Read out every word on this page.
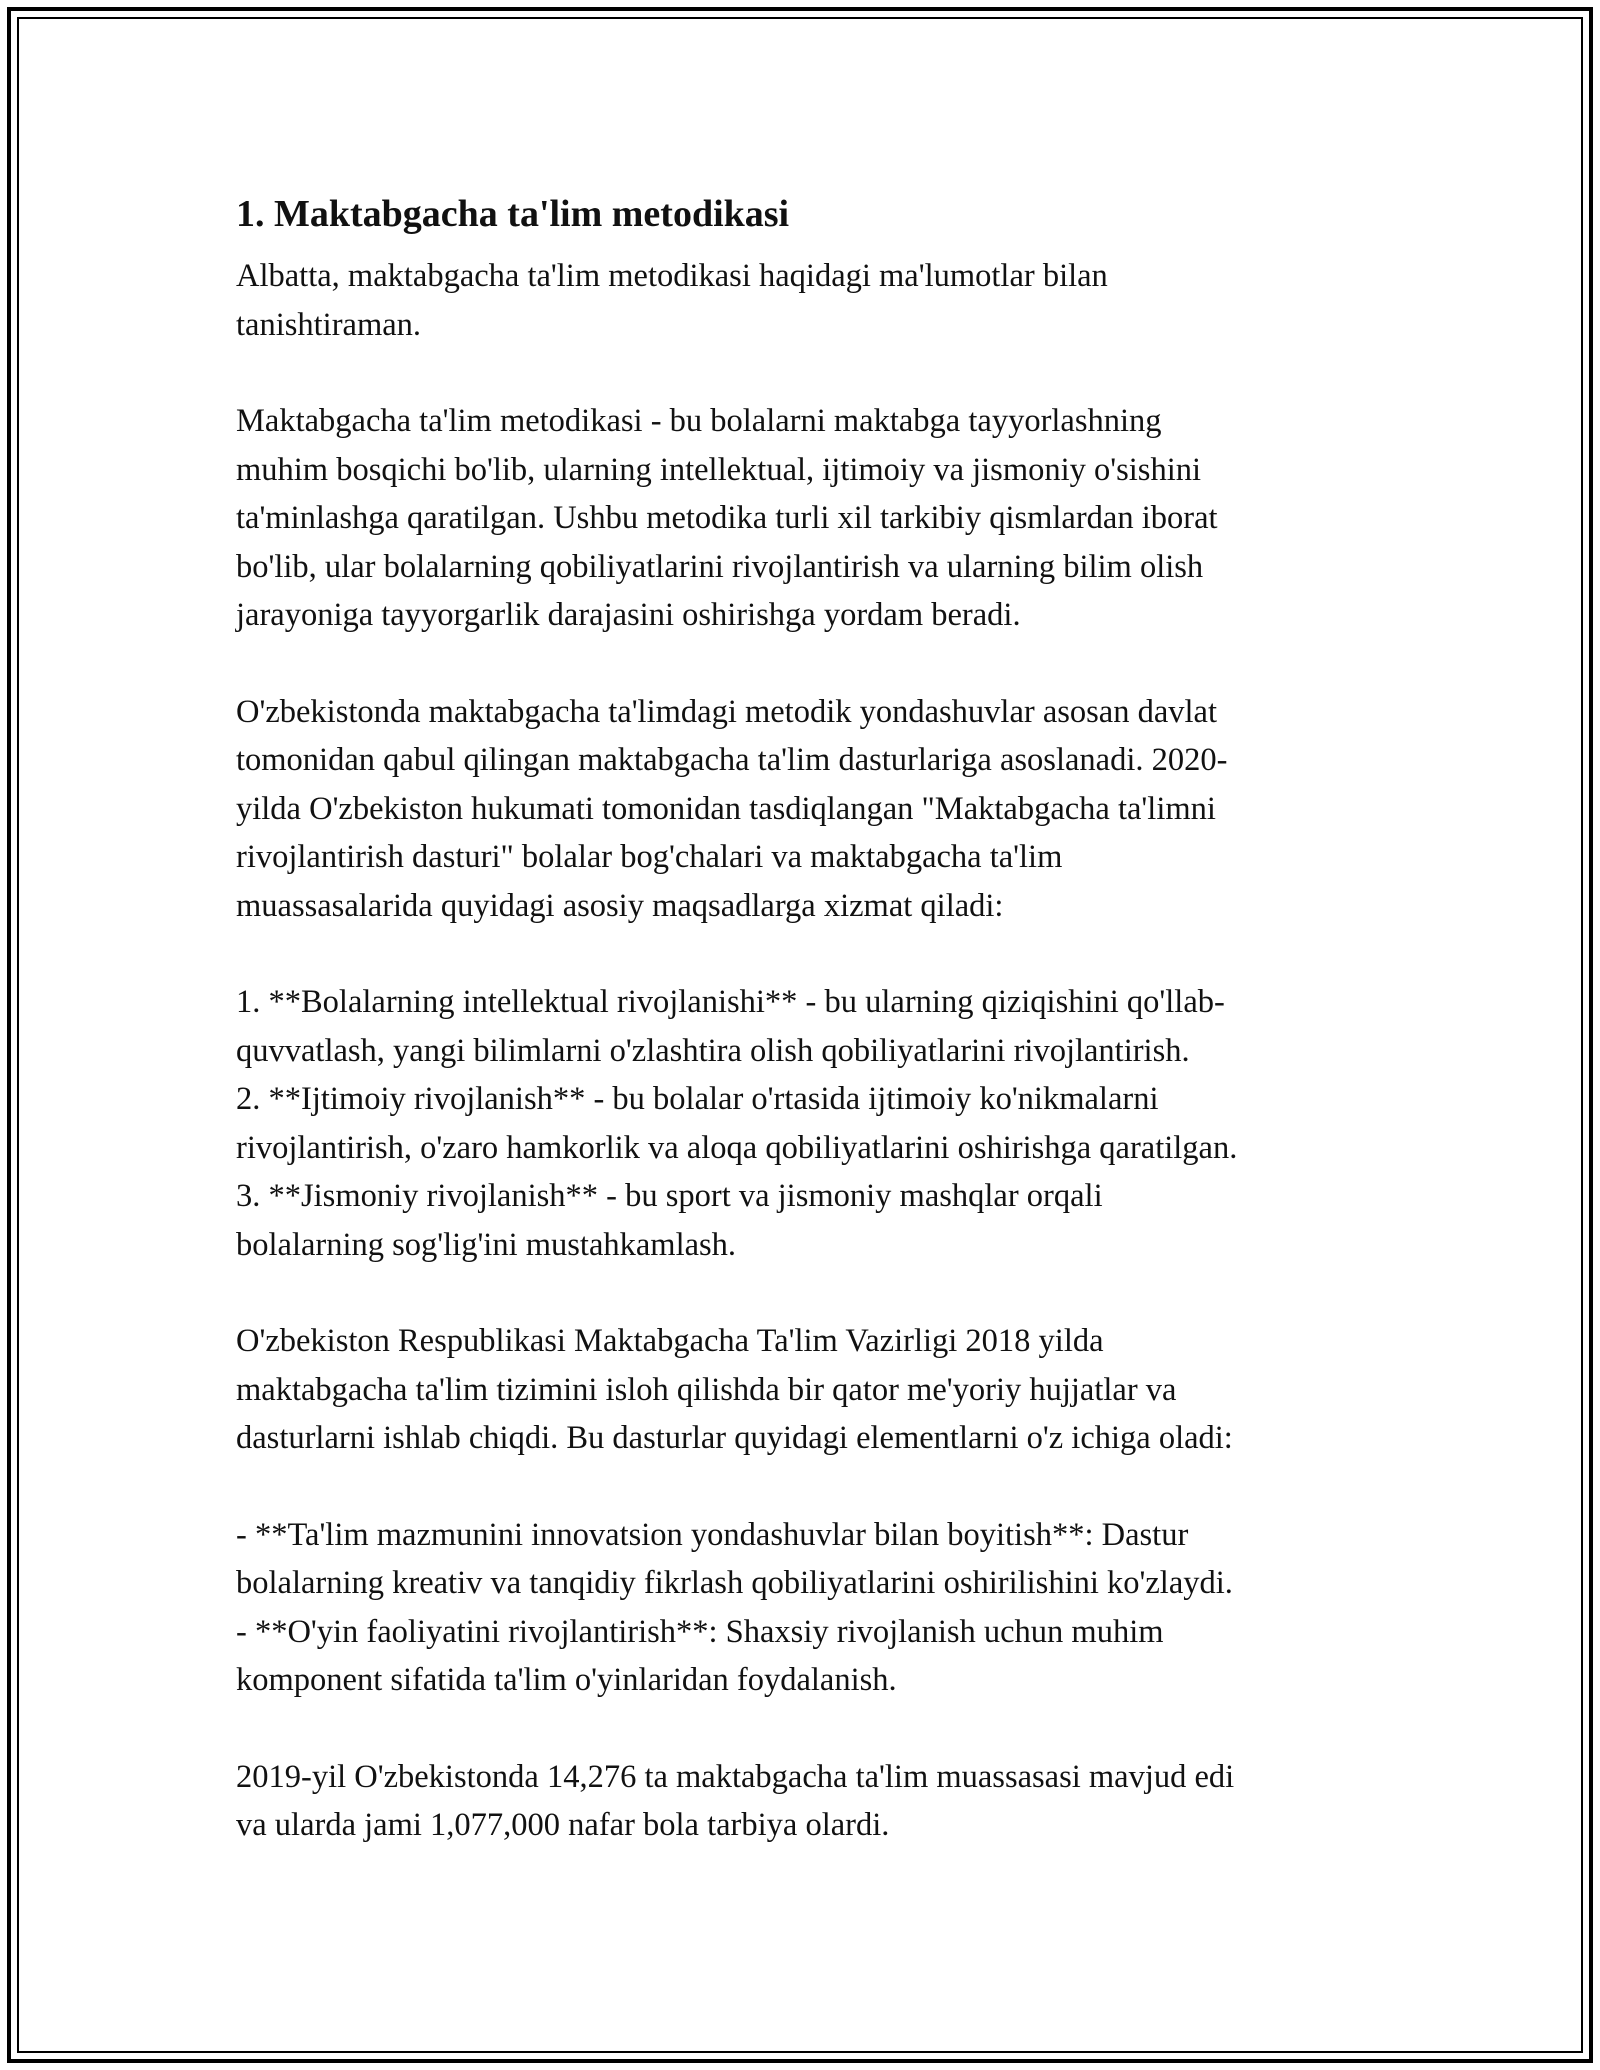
1. Maktabgacha ta'lim metodikasi

Albatta, maktabgacha ta'lim metodikasi haqidagi ma'lumotlar bilan
tanishtiraman.

Maktabgacha ta'lim metodikasi - bu bolalarni maktabga tayyorlashning
muhim bosqichi bo'lib, ularning intellektual, ijtimoiy va jismoniy o'sishini
ta'minlashga qaratilgan. Ushbu metodika turli xil tarkibiy qismlardan iborat
bo'lib, ular bolalarning qobiliyatlarini rivojlantirish va ularning bilim olish
jarayoniga tayyorgarlik darajasini oshirishga yordam beradi.

O'zbekistonda maktabgacha ta'limdagi metodik yondashuvlar asosan davlat
tomonidan qabul qilingan maktabgacha ta'lim dasturlariga asoslanadi. 2020-
yilda O'zbekiston hukumati tomonidan tasdiqlangan "Maktabgacha ta'limni
rivojlantirish dasturi" bolalar bog'chalari va maktabgacha ta'lim
muassasalarida quyidagi asosiy maqsadlarga xizmat qiladi:

1. **Bolalarning intellektual rivojlanishi** - bu ularning qiziqishini qo'llab-
quvvatlash, yangi bilimlarni o'zlashtira olish qobiliyatlarini rivojlantirish.
2. **Ijtimoiy rivojlanish** - bu bolalar o'rtasida ijtimoiy ko'nikmalarni
rivojlantirish, o'zaro hamkorlik va aloqa qobiliyatlarini oshirishga qaratilgan.
3. **Jismoniy rivojlanish** - bu sport va jismoniy mashqlar orqali
bolalarning sog'lig'ini mustahkamlash.

O'zbekiston Respublikasi Maktabgacha Ta'lim Vazirligi 2018 yilda
maktabgacha ta'lim tizimini isloh qilishda bir qator me'yoriy hujjatlar va
dasturlarni ishlab chiqdi. Bu dasturlar quyidagi elementlarni o'z ichiga oladi:

- **Ta'lim mazmunini innovatsion yondashuvlar bilan boyitish**: Dastur
bolalarning kreativ va tanqidiy fikrlash qobiliyatlarini oshirilishini ko'zlaydi.
- **O'yin faoliyatini rivojlantirish**: Shaxsiy rivojlanish uchun muhim
komponent sifatida ta'lim o'yinlaridan foydalanish.

2019-yil O'zbekistonda 14,276 ta maktabgacha ta'lim muassasasi mavjud edi
va ularda jami 1,077,000 nafar bola tarbiya olardi.
